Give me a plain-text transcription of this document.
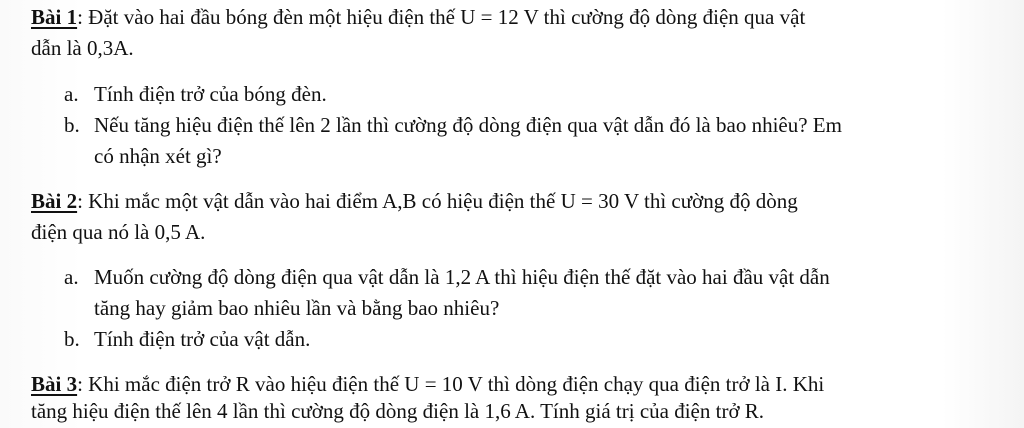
Bài 1: Đặt vào hai đầu bóng đèn một hiệu điện thế U = 12 V thì cường độ dòng điện qua vật
dẫn là 0,3A.
a. Tính điện trở của bóng đèn.
b. Nếu tăng hiệu điện thế lên 2 lần thì cường độ dòng điện qua vật dẫn đó là bao nhiêu? Em
có nhận xét gì?
Bài 2: Khi mắc một vật dẫn vào hai điểm A,B có hiệu điện thế U = 30 V thì cường độ dòng
điện qua nó là 0,5 A.
a. Muốn cường độ dòng điện qua vật dẫn là 1,2 A thì hiệu điện thế đặt vào hai đầu vật dẫn
tăng hay giảm bao nhiêu lần và bằng bao nhiêu?
b. Tính điện trở của vật dẫn.
Bài 3: Khi mắc điện trở R vào hiệu điện thế U = 10 V thì dòng điện chạy qua điện trở là I. Khi
tăng hiệu điện thế lên 4 lần thì cường độ dòng điện là 1,6 A. Tính giá trị của điện trở R.
